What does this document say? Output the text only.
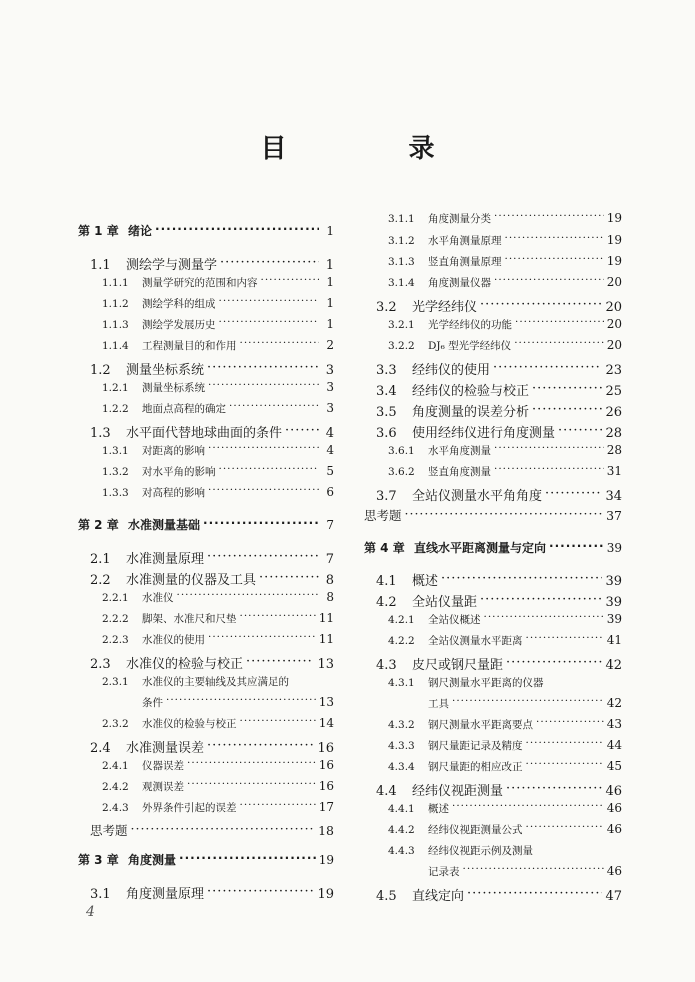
目　录
第 1 章 绪论 ·····	1
1.1	测绘学与测量学 ·····	1
1.1.1	测量学研究的范围和内容 ·····	1
1.1.2	测绘学科的组成 ·····	1
1.1.3	测绘学发展历史 ·····	1
1.1.4	工程测量目的和作用 ·····	2
1.2	测量坐标系统 ·····	3
1.2.1	测量坐标系统 ·····	3
1.2.2	地面点高程的确定 ·····	3
1.3	水平面代替地球曲面的条件 ·····	4
1.3.1	对距离的影响 ·····	4
1.3.2	对水平角的影响 ·····	5
1.3.3	对高程的影响 ·····	6
第 2 章 水准测量基础 ·····	7
2.1	水准测量原理 ·····	7
2.2	水准测量的仪器及工具 ·····	8
2.2.1	水准仪 ·····	8
2.2.2	脚架、水准尺和尺垫 ·····	11
2.2.3	水准仪的使用 ·····	11
2.3	水准仪的检验与校正 ·····	13
2.3.1	水准仪的主要轴线及其应满足的
条件 ·····	13
2.3.2	水准仪的检验与校正 ·····	14
2.4	水准测量误差 ·····	16
2.4.1	仪器误差 ·····	16
2.4.2	观测误差 ·····	16
2.4.3	外界条件引起的误差 ·····	17
思考题 ·····	18
第 3 章 角度测量 ·····	19
3.1	角度测量原理 ·····	19
3.1.1	角度测量分类 ·····	19
3.1.2	水平角测量原理 ·····	19
3.1.3	竖直角测量原理 ·····	19
3.1.4	角度测量仪器 ·····	20
3.2	光学经纬仪 ·····	20
3.2.1	光学经纬仪的功能 ·····	20
3.2.2	DJ₆ 型光学经纬仪 ·····	20
3.3	经纬仪的使用 ·····	23
3.4	经纬仪的检验与校正 ·····	25
3.5	角度测量的误差分析 ·····	26
3.6	使用经纬仪进行角度测量 ·····	28
3.6.1	水平角度测量 ·····	28
3.6.2	竖直角度测量 ·····	31
3.7	全站仪测量水平角角度 ·····	34
思考题 ·····	37
第 4 章 直线水平距离测量与定向 ·····	39
4.1	概述 ·····	39
4.2	全站仪量距 ·····	39
4.2.1	全站仪概述 ·····	39
4.2.2	全站仪测量水平距离 ·····	41
4.3	皮尺或钢尺量距 ·····	42
4.3.1	钢尺测量水平距离的仪器
工具 ·····	42
4.3.2	钢尺测量水平距离要点 ·····	43
4.3.3	钢尺量距记录及精度 ·····	44
4.3.4	钢尺量距的相应改正 ·····	45
4.4	经纬仪视距测量 ·····	46
4.4.1	概述 ·····	46
4.4.2	经纬仪视距测量公式 ·····	46
4.4.3	经纬仪视距示例及测量
记录表 ·····	46
4.5	直线定向 ·····	47
4
